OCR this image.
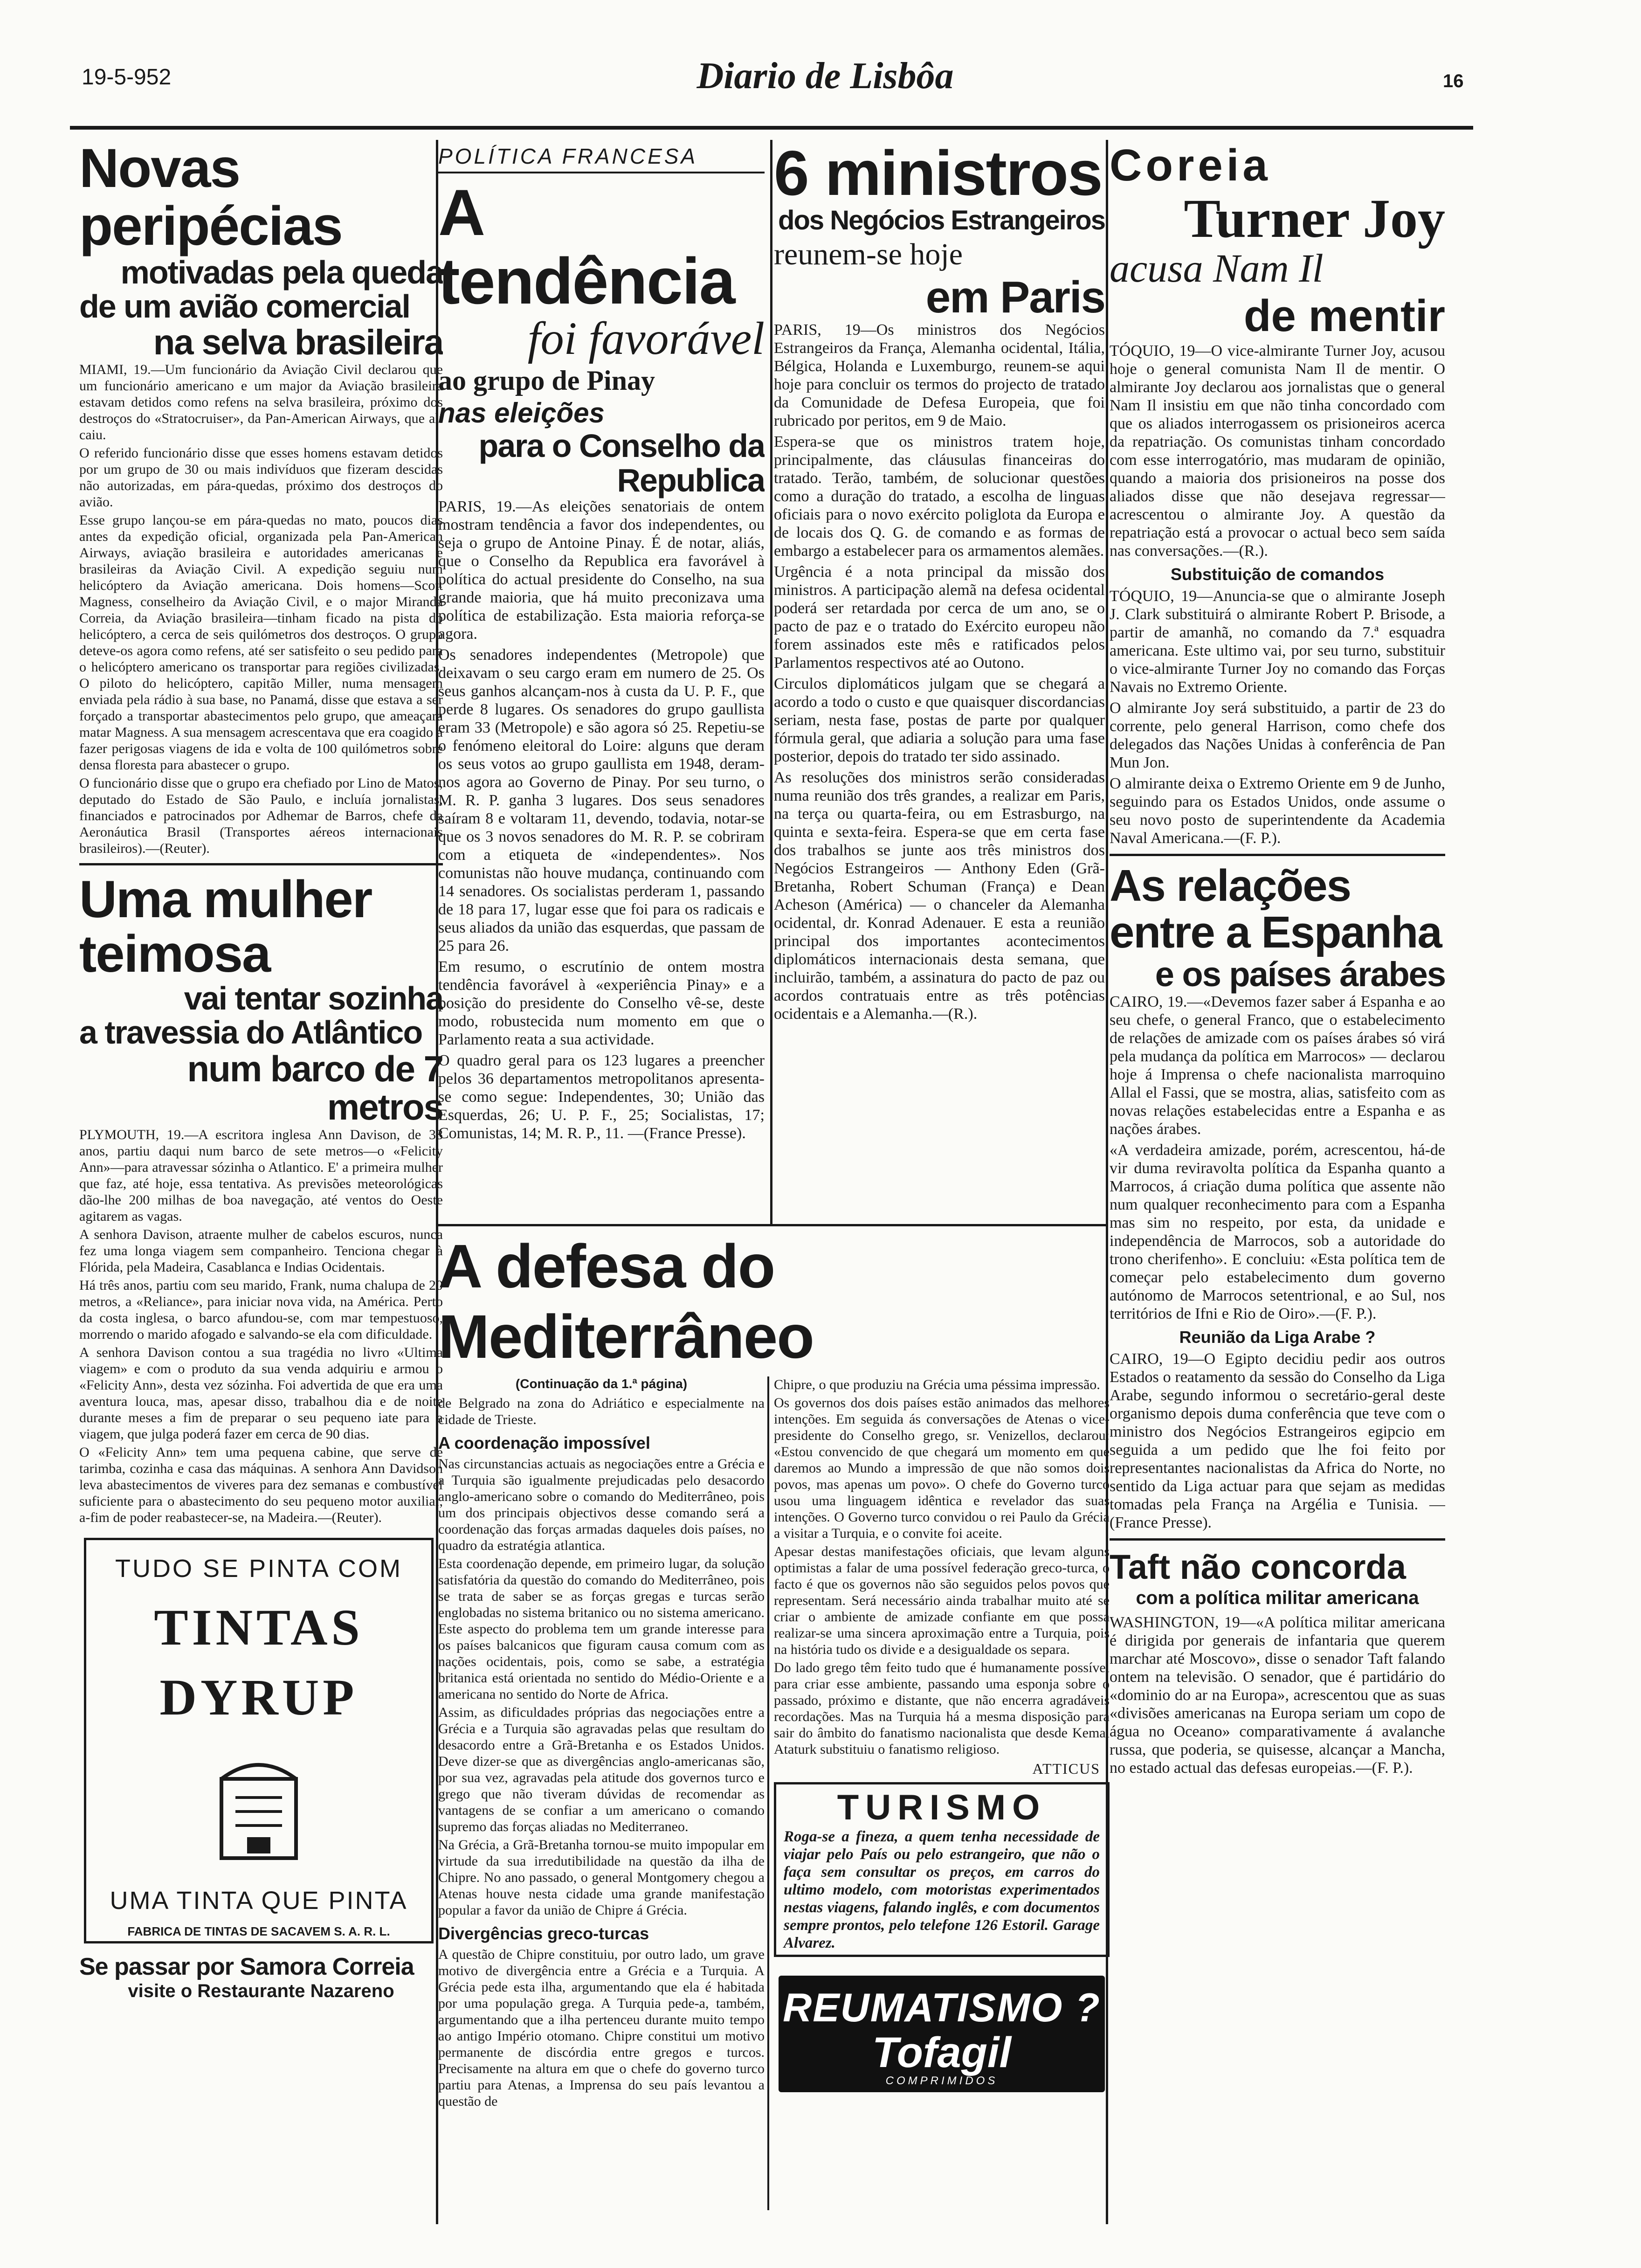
19-5-952	Diario de Lisbôa	16

Novas peripécias

motivadas pela queda

de um avião comercial

na selva brasileira

MIAMI, 19.—Um funcionário da Aviação Civil declarou que um funcionário americano e um major da Aviação brasileira estavam detidos como refens na selva brasileira, próximo dos destroços do «Stratocruiser», da Pan-American Airways, que ali caiu.

O referido funcionário disse que esses homens estavam detidos por um grupo de 30 ou mais indivíduos que fizeram descidas não autorizadas, em pára-quedas, próximo dos destroços do avião.

Esse grupo lançou-se em pára-quedas no mato, poucos dias antes da expedição oficial, organizada pela Pan-American Airways, aviação brasileira e autoridades americanas e brasileiras da Aviação Civil. A expedição seguiu num helicóptero da Aviação americana. Dois homens—Scott Magness, conselheiro da Aviação Civil, e o major Miranda Correia, da Aviação brasileira—tinham ficado na pista do helicóptero, a cerca de seis quilómetros dos destroços. O grupo deteve-os agora como refens, até ser satisfeito o seu pedido para o helicóptero americano os transportar para regiões civilizadas. O piloto do helicóptero, capitão Miller, numa mensagem enviada pela rádio à sua base, no Panamá, disse que estava a ser forçado a transportar abastecimentos pelo grupo, que ameaçara matar Magness. A sua mensagem acrescentava que era coagido a fazer perigosas viagens de ida e volta de 100 quilómetros sobre densa floresta para abastecer o grupo.

O funcionário disse que o grupo era chefiado por Lino de Matos, deputado do Estado de São Paulo, e incluía jornalistas, financiados e patrocinados por Adhemar de Barros, chefe da Aeronáutica Brasil (Transportes aéreos internacionais brasileiros).—(Reuter).

Uma mulher teimosa

vai tentar sozinha

a travessia do Atlântico

num barco de 7 metros

PLYMOUTH, 19.—A escritora inglesa Ann Davison, de 38 anos, partiu daqui num barco de sete metros—o «Felicity Ann»—para atravessar sózinha o Atlantico. E' a primeira mulher que faz, até hoje, essa tentativa. As previsões meteorológicas dão-lhe 200 milhas de boa navegação, até ventos do Oeste agitarem as vagas.

A senhora Davison, atraente mulher de cabelos escuros, nunca fez uma longa viagem sem companheiro. Tenciona chegar à Flórida, pela Madeira, Casablanca e Indias Ocidentais.

Há três anos, partiu com seu marido, Frank, numa chalupa de 20 metros, a «Reliance», para iniciar nova vida, na América. Perto da costa inglesa, o barco afundou-se, com mar tempestuoso, morrendo o marido afogado e salvando-se ela com dificuldade.

A senhora Davison contou a sua tragédia no livro «Ultima viagem» e com o produto da sua venda adquiriu e armou o «Felicity Ann», desta vez sózinha. Foi advertida de que era uma aventura louca, mas, apesar disso, trabalhou dia e de noite durante meses a fim de preparar o seu pequeno iate para a viagem, que julga poderá fazer em cerca de 90 dias.

O «Felicity Ann» tem uma pequena cabine, que serve de tarimba, cozinha e casa das máquinas. A senhora Ann Davidson leva abastecimentos de viveres para dez semanas e combustível suficiente para o abastecimento do seu pequeno motor auxiliar, a-fim de poder reabastecer-se, na Madeira.—(Reuter).

TUDO SE PINTA COM
TINTAS
DYRUP
UMA TINTA QUE PINTA
FABRICA DE TINTAS DE SACAVEM S. A. R. L.
Se passar por Samora Correia
visite o Restaurante Nazareno
POLÍTICA FRANCESA

A tendência

foi favorável

ao grupo de Pinay

nas eleições

para o Conselho da Republica

PARIS, 19.—As eleições senatoriais de ontem mostram tendência a favor dos independentes, ou seja o grupo de Antoine Pinay. É de notar, aliás, que o Conselho da Republica era favorável à política do actual presidente do Conselho, na sua grande maioria, que há muito preconizava uma política de estabilização. Esta maioria reforça-se agora.

Os senadores independentes (Metropole) que deixavam o seu cargo eram em numero de 25. Os seus ganhos alcançam-nos à custa da U. P. F., que perde 8 lugares. Os senadores do grupo gaullista eram 33 (Metropole) e são agora só 25. Repetiu-se o fenómeno eleitoral do Loire: alguns que deram os seus votos ao grupo gaullista em 1948, deram-nos agora ao Governo de Pinay. Por seu turno, o M. R. P. ganha 3 lugares. Dos seus senadores saíram 8 e voltaram 11, devendo, todavia, notar-se que os 3 novos senadores do M. R. P. se cobriram com a etiqueta de «independentes». Nos comunistas não houve mudança, continuando com 14 senadores. Os socialistas perderam 1, passando de 18 para 17, lugar esse que foi para os radicais e seus aliados da união das esquerdas, que passam de 25 para 26.

Em resumo, o escrutínio de ontem mostra tendência favorável à «experiência Pinay» e a posição do presidente do Conselho vê-se, deste modo, robustecida num momento em que o Parlamento reata a sua actividade.

O quadro geral para os 123 lugares a preencher pelos 36 departamentos metropolitanos apresenta-se como segue: Independentes, 30; União das Esquerdas, 26; U. P. F., 25; Socialistas, 17; Comunistas, 14; M. R. P., 11. —(France Presse).

6 ministros

dos Negócios Estrangeiros

reunem-se hoje

em Paris

PARIS, 19—Os ministros dos Negócios Estrangeiros da França, Alemanha ocidental, Itália, Bélgica, Holanda e Luxemburgo, reunem-se aqui hoje para concluir os termos do projecto de tratado da Comunidade de Defesa Europeia, que foi rubricado por peritos, em 9 de Maio.

Espera-se que os ministros tratem hoje, principalmente, das cláusulas financeiras do tratado. Terão, também, de solucionar questões como a duração do tratado, a escolha de linguas oficiais para o novo exército poliglota da Europa e de locais dos Q. G. de comando e as formas de embargo a estabelecer para os armamentos alemães.

Urgência é a nota principal da missão dos ministros. A participação alemã na defesa ocidental poderá ser retardada por cerca de um ano, se o pacto de paz e o tratado do Exército europeu não forem assinados este mês e ratificados pelos Parlamentos respectivos até ao Outono.

Circulos diplomáticos julgam que se chegará a acordo a todo o custo e que quaisquer discordancias seriam, nesta fase, postas de parte por qualquer fórmula geral, que adiaria a solução para uma fase posterior, depois do tratado ter sido assinado.

As resoluções dos ministros serão consideradas numa reunião dos três grandes, a realizar em Paris, na terça ou quarta-feira, ou em Estrasburgo, na quinta e sexta-feira. Espera-se que em certa fase dos trabalhos se junte aos três ministros dos Negócios Estrangeiros — Anthony Eden (Grã-Bretanha, Robert Schuman (França) e Dean Acheson (América) — o chanceler da Alemanha ocidental, dr. Konrad Adenauer. E esta a reunião principal dos importantes acontecimentos diplomáticos internacionais desta semana, que incluirão, também, a assinatura do pacto de paz ou acordos contratuais entre as três potências ocidentais e a Alemanha.—(R.).

A defesa do Mediterrâneo

(Continuação da 1.ª página)

de Belgrado na zona do Adriático e especialmente na cidade de Trieste.

A coordenação impossível

Nas circunstancias actuais as negociações entre a Grécia e a Turquia são igualmente prejudicadas pelo desacordo anglo-americano sobre o comando do Mediterrâneo, pois um dos principais objectivos desse comando será a coordenação das forças armadas daqueles dois países, no quadro da estratégia atlantica.

Esta coordenação depende, em primeiro lugar, da solução satisfatória da questão do comando do Mediterrâneo, pois se trata de saber se as forças gregas e turcas serão englobadas no sistema britanico ou no sistema americano. Este aspecto do problema tem um grande interesse para os países balcanicos que figuram causa comum com as nações ocidentais, pois, como se sabe, a estratégia britanica está orientada no sentido do Médio-Oriente e a americana no sentido do Norte de Africa.

Assim, as dificuldades próprias das negociações entre a Grécia e a Turquia são agravadas pelas que resultam do desacordo entre a Grã-Bretanha e os Estados Unidos. Deve dizer-se que as divergências anglo-americanas são, por sua vez, agravadas pela atitude dos governos turco e grego que não tiveram dúvidas de recomendar as vantagens de se confiar a um americano o comando supremo das forças aliadas no Mediterraneo.

Na Grécia, a Grã-Bretanha tornou-se muito impopular em virtude da sua irredutibilidade na questão da ilha de Chipre. No ano passado, o general Montgomery chegou a Atenas houve nesta cidade uma grande manifestação popular a favor da união de Chipre á Grécia.

Divergências greco-turcas

A questão de Chipre constituiu, por outro lado, um grave motivo de divergência entre a Grécia e a Turquia. A Grécia pede esta ilha, argumentando que ela é habitada por uma população grega. A Turquia pede-a, também, argumentando que a ilha pertenceu durante muito tempo ao antigo Império otomano. Chipre constitui um motivo permanente de discórdia entre gregos e turcos. Precisamente na altura em que o chefe do governo turco partiu para Atenas, a Imprensa do seu país levantou a questão de

Chipre, o que produziu na Grécia uma péssima impressão.

Os governos dos dois países estão animados das melhores intenções. Em seguida ás conversações de Atenas o vice-presidente do Conselho grego, sr. Venizellos, declarou: «Estou convencido de que chegará um momento em que daremos ao Mundo a impressão de que não somos dois povos, mas apenas um povo». O chefe do Governo turco usou uma linguagem idêntica e revelador das suas intenções. O Governo turco convidou o rei Paulo da Grécia a visitar a Turquia, e o convite foi aceite.

Apesar destas manifestações oficiais, que levam alguns optimistas a falar de uma possível federação greco-turca, o facto é que os governos não são seguidos pelos povos que representam. Será necessário ainda trabalhar muito até se criar o ambiente de amizade confiante em que possa realizar-se uma sincera aproximação entre a Turquia, pois na história tudo os divide e a desigualdade os separa.

Do lado grego têm feito tudo que é humanamente possível para criar esse ambiente, passando uma esponja sobre o passado, próximo e distante, que não encerra agradáveis recordações. Mas na Turquia há a mesma disposição para sair do âmbito do fanatismo nacionalista que desde Kemal Ataturk substituiu o fanatismo religioso.

ATTICUS

TURISMO
Roga-se a fineza, a quem tenha necessidade de viajar pelo País ou pelo estrangeiro, que não o faça sem consultar os preços, em carros do ultimo modelo, com motoristas experimentados nestas viagens, falando inglês, e com documentos sempre prontos, pelo telefone 126 Estoril. Garage Alvarez.
REUMATISMO ?
Tofagil
COMPRIMIDOS

Coreia

Turner Joy

acusa Nam Il

de mentir

TÓQUIO, 19—O vice-almirante Turner Joy, acusou hoje o general comunista Nam Il de mentir. O almirante Joy declarou aos jornalistas que o general Nam Il insistiu em que não tinha concordado com que os aliados interrogassem os prisioneiros acerca da repatriação. Os comunistas tinham concordado com esse interrogatório, mas mudaram de opinião, quando a maioria dos prisioneiros na posse dos aliados disse que não desejava regressar—acrescentou o almirante Joy. A questão da repatriação está a provocar o actual beco sem saída nas conversações.—(R.).

Substituição de comandos

TÓQUIO, 19—Anuncia-se que o almirante Joseph J. Clark substituirá o almirante Robert P. Brisode, a partir de amanhã, no comando da 7.ª esquadra americana. Este ultimo vai, por seu turno, substituir o vice-almirante Turner Joy no comando das Forças Navais no Extremo Oriente.

O almirante Joy será substituido, a partir de 23 do corrente, pelo general Harrison, como chefe dos delegados das Nações Unidas à conferência de Pan Mun Jon.

O almirante deixa o Extremo Oriente em 9 de Junho, seguindo para os Estados Unidos, onde assume o seu novo posto de superintendente da Academia Naval Americana.—(F. P.).

As relações entre a Espanha

e os países árabes

CAIRO, 19.—«Devemos fazer saber á Espanha e ao seu chefe, o general Franco, que o estabelecimento de relações de amizade com os países árabes só virá pela mudança da política em Marrocos» — declarou hoje á Imprensa o chefe nacionalista marroquino Allal el Fassi, que se mostra, alias, satisfeito com as novas relações estabelecidas entre a Espanha e as nações árabes.

«A verdadeira amizade, porém, acrescentou, há-de vir duma reviravolta política da Espanha quanto a Marrocos, á criação duma política que assente não num qualquer reconhecimento para com a Espanha mas sim no respeito, por esta, da unidade e independência de Marrocos, sob a autoridade do trono cherifenho». E concluiu: «Esta política tem de começar pelo estabelecimento dum governo autónomo de Marrocos setentrional, e ao Sul, nos territórios de Ifni e Rio de Oiro».—(F. P.).

Reunião da Liga Arabe ?

CAIRO, 19—O Egipto decidiu pedir aos outros Estados o reatamento da sessão do Conselho da Liga Arabe, segundo informou o secretário-geral deste organismo depois duma conferência que teve com o ministro dos Negócios Estrangeiros egipcio em seguida a um pedido que lhe foi feito por representantes nacionalistas da Africa do Norte, no sentido da Liga actuar para que sejam as medidas tomadas pela França na Argélia e Tunisia. — (France Presse).

Taft não concorda

com a política militar americana

WASHINGTON, 19—«A política militar americana é dirigida por generais de infantaria que querem marchar até Moscovo», disse o senador Taft falando ontem na televisão. O senador, que é partidário do «dominio do ar na Europa», acrescentou que as suas «divisões americanas na Europa seriam um copo de água no Oceano» comparativamente á avalanche russa, que poderia, se quisesse, alcançar a Mancha, no estado actual das defesas europeias.—(F. P.).
